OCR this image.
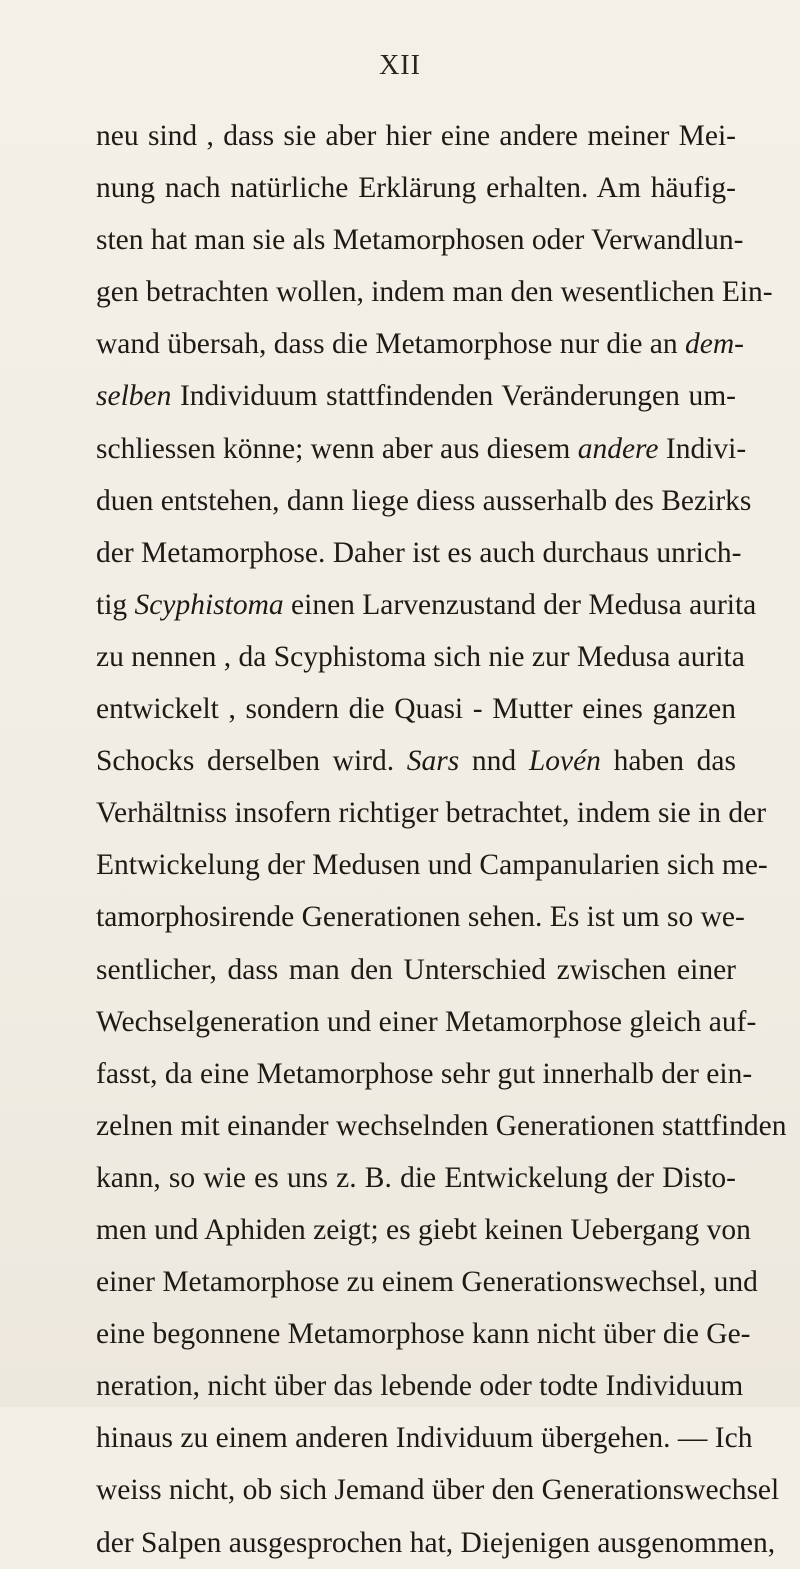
XII
neu sind , dass sie aber hier eine andere meiner Mei-
nung nach natürliche Erklärung erhalten. Am häufig-
sten hat man sie als Metamorphosen oder Verwandlun-
gen betrachten wollen, indem man den wesentlichen Ein-
wand übersah, dass die Metamorphose nur die an dem-
selben Individuum stattfindenden Veränderungen um-
schliessen könne; wenn aber aus diesem andere Indivi-
duen entstehen, dann liege diess ausserhalb des Bezirks
der Metamorphose. Daher ist es auch durchaus unrich-
tig Scyphistoma einen Larvenzustand der Medusa aurita
zu nennen , da Scyphistoma sich nie zur Medusa aurita
entwickelt , sondern die Quasi - Mutter eines ganzen
Schocks derselben wird. Sars nnd Lovén haben das
Verhältniss insofern richtiger betrachtet, indem sie in der
Entwickelung der Medusen und Campanularien sich me-
tamorphosirende Generationen sehen. Es ist um so we-
sentlicher, dass man den Unterschied zwischen einer
Wechselgeneration und einer Metamorphose gleich auf-
fasst, da eine Metamorphose sehr gut innerhalb der ein-
zelnen mit einander wechselnden Generationen stattfinden
kann, so wie es uns z. B. die Entwickelung der Disto-
men und Aphiden zeigt; es giebt keinen Uebergang von
einer Metamorphose zu einem Generationswechsel, und
eine begonnene Metamorphose kann nicht über die Ge-
neration, nicht über das lebende oder todte Individuum
hinaus zu einem anderen Individuum übergehen. — Ich
weiss nicht, ob sich Jemand über den Generationswechsel
der Salpen ausgesprochen hat, Diejenigen ausgenommen,
